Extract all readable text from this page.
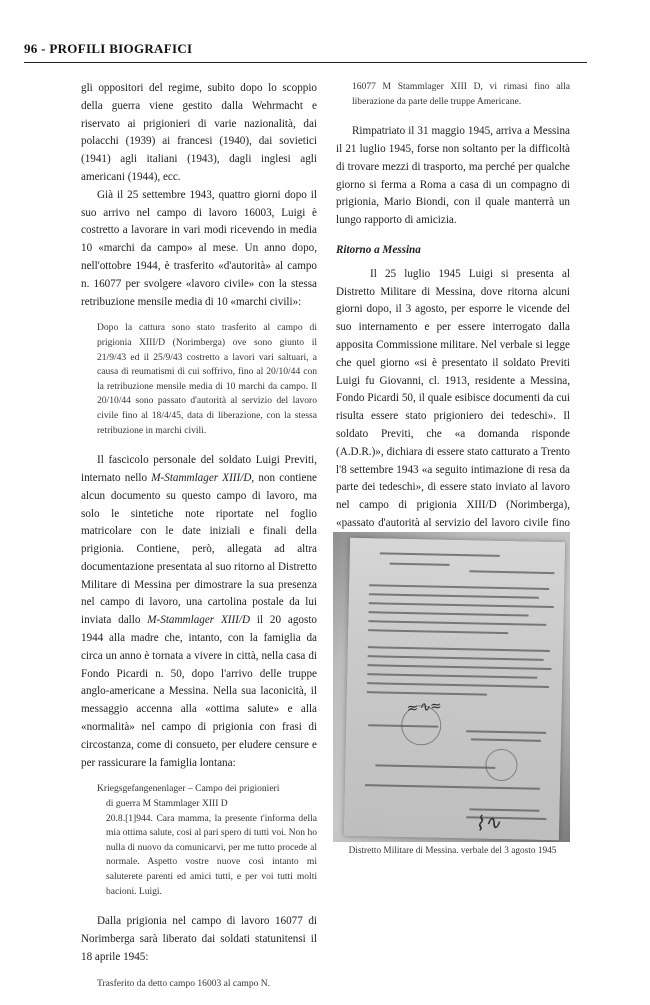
96 - PROFILI BIOGRAFICI

gli oppositori del regime, subito dopo lo scoppio della guerra viene gestito dalla Wehrmacht e riservato ai prigionieri di varie nazionalità, dai polacchi (1939) ai francesi (1940), dai sovietici (1941) agli italiani (1943), dagli inglesi agli americani (1944), ecc.

Già il 25 settembre 1943, quattro giorni dopo il suo arrivo nel campo di lavoro 16003, Luigi è costretto a lavorare in vari modi ricevendo in media 10 «marchi da campo» al mese. Un anno dopo, nell'ottobre 1944, è trasferito «d'autorità» al campo n. 16077 per svolgere «lavoro civile» con la stessa retribuzione mensile media di 10 «marchi civili»:

Dopo la cattura sono stato trasferito al campo di prigionia XIII/D (Norimberga) ove sono giunto il 21/9/43 ed il 25/9/43 costretto a lavori vari saltuari, a causa di reumatismi di cui soffrivo, fino al 20/10/44 con la retribuzione mensile media di 10 marchi da campo. Il 20/10/44 sono passato d'autorità al servizio del lavoro civile fino al 18/4/45, data di liberazione, con la stessa retribuzione in marchi civili.

Il fascicolo personale del soldato Luigi Previti, internato nello M-Stammlager XIII/D, non contiene alcun documento su questo campo di lavoro, ma solo le sintetiche note riportate nel foglio matricolare con le date iniziali e finali della prigionia. Contiene, però, allegata ad altra documentazione presentata al suo ritorno al Distretto Militare di Messina per dimostrare la sua presenza nel campo di lavoro, una cartolina postale da lui inviata dallo M-Stammlager XIII/D il 20 agosto 1944 alla madre che, intanto, con la famiglia da circa un anno è tornata a vivere in città, nella casa di Fondo Picardi n. 50, dopo l'arrivo delle truppe anglo-americane a Messina. Nella sua laconicità, il messaggio accenna alla «ottima salute» e alla «normalità» nel campo di prigionia con frasi di circostanza, come di consueto, per eludere censure e per rassicurare la famiglia lontana:

Kriegsgefangenenlager – Campo dei prigionieri
di guerra M Stammlager XIII D
20.8.[1]944. Cara mamma, la presente t'informa della mia ottima salute, così al pari spero di tutti voi. Non ho nulla di nuovo da comunicarvi, per me tutto procede al normale. Aspetto vostre nuove così intanto mi saluterete parenti ed amici tutti, e per voi tutti molti bacioni. Luigi.

Dalla prigionia nel campo di lavoro 16077 di Norimberga sarà liberato dai soldati statunitensi il 18 aprile 1945:

Trasferito da detto campo 16003 al campo N.
16077 M Stammlager XIII D, vi rimasi fino alla liberazione da parte delle truppe Americane.

Rimpatriato il 31 maggio 1945, arriva a Messina il 21 luglio 1945, forse non soltanto per la difficoltà di trovare mezzi di trasporto, ma perché per qualche giorno si ferma a Roma a casa di un compagno di prigionia, Mario Biondi, con il quale manterrà un lungo rapporto di amicizia.

Ritorno a Messina

Il 25 luglio 1945 Luigi si presenta al Distretto Militare di Messina, dove ritorna alcuni giorni dopo, il 3 agosto, per esporre le vicende del suo internamento e per essere interrogato dalla apposita Commissione militare. Nel verbale si legge che quel giorno «si è presentato il soldato Previti Luigi fu Giovanni, cl. 1913, residente a Messina, Fondo Picardi 50, il quale esibisce documenti da cui risulta essere stato prigioniero dei tedeschi». Il soldato Previti, che «a domanda risponde (A.D.R.)», dichiara di essere stato catturato a Trento l'8 settembre 1943 «a seguito intimazione di resa da parte dei tedeschi», di essere stato inviato al lavoro nel campo di prigionia XIII/D (Norimberga), «passato d'autorità al servizio del lavoro civile fino

≈∿≈
⌇∿
Distretto Militare di Messina. verbale del 3 agosto 1945
